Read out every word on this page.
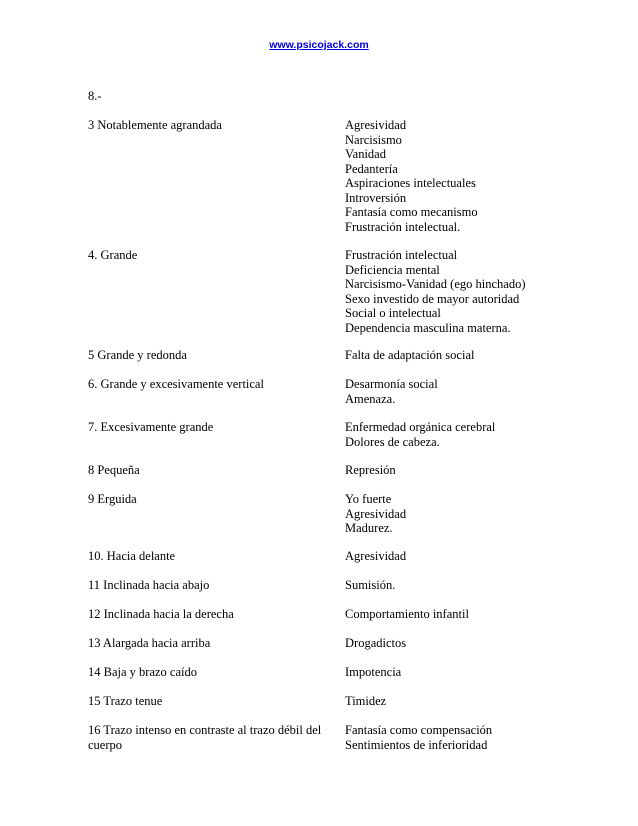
www.psicojack.com
8.-
3 Notablemente agrandada	Agresividad
Narcisismo
Vanidad
Pedantería
Aspiraciones intelectuales
Introversión
Fantasía como mecanismo
Frustración intelectual.
4. Grande	Frustración intelectual
Deficiencia mental
Narcisismo-Vanidad (ego hinchado)
Sexo investido de mayor autoridad
Social o intelectual
Dependencia masculina materna.
5 Grande y redonda	Falta de adaptación social
6. Grande y excesivamente vertical	Desarmonía social
Amenaza.
7. Excesivamente grande	Enfermedad orgánica cerebral
Dolores de cabeza.
8 Pequeña	Represión
9 Erguida	Yo fuerte
Agresividad
Madurez.
10. Hacia delante	Agresividad
11 Inclinada hacia abajo	Sumisión.
12 Inclinada hacia la derecha	Comportamiento infantil
13 Alargada hacia arriba	Drogadictos
14 Baja y brazo caído	Impotencia
15 Trazo tenue	Timidez
16 Trazo intenso en contraste al trazo débil del cuerpo
Fantasía como compensación
Sentimientos de inferioridad
